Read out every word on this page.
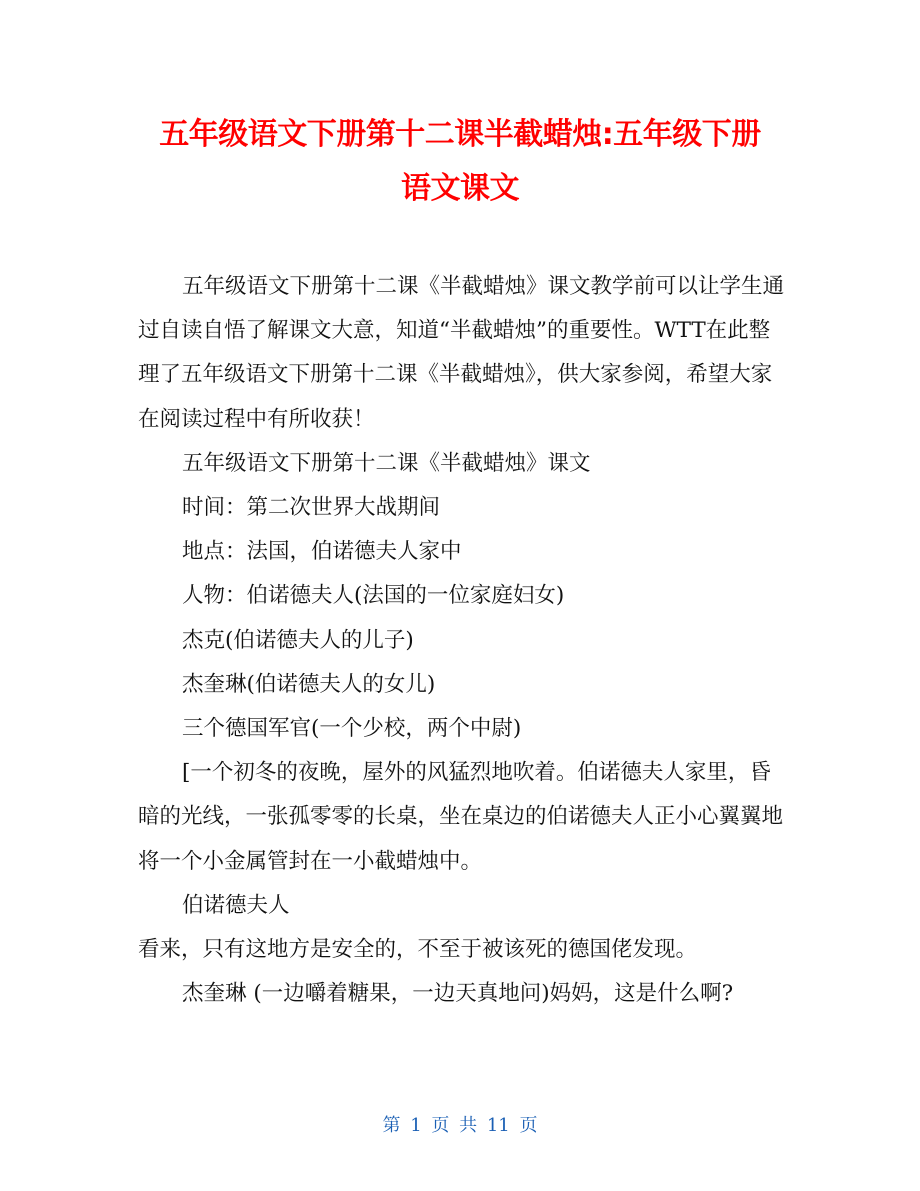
五年级语文下册第十二课半截蜡烛:五年级下册
语文课文

五年级语文下册第十二课《半截蜡烛》课文教学前可以让学生通过自读自悟了解课文大意，知道“半截蜡烛”的重要性。WTT在此整理了五年级语文下册第十二课《半截蜡烛》，供大家参阅，希望大家在阅读过程中有所收获！

五年级语文下册第十二课《半截蜡烛》课文

时间：第二次世界大战期间

地点：法国，伯诺德夫人家中

人物：伯诺德夫人(法国的一位家庭妇女)

杰克(伯诺德夫人的儿子)

杰奎琳(伯诺德夫人的女儿)

三个德国军官(一个少校，两个中尉)

[一个初冬的夜晚，屋外的风猛烈地吹着。伯诺德夫人家里，昏暗的光线，一张孤零零的长桌，坐在桌边的伯诺德夫人正小心翼翼地将一个小金属管封在一小截蜡烛中。

伯诺德夫人

看来，只有这地方是安全的，不至于被该死的德国佬发现。

杰奎琳 (一边嚼着糖果，一边天真地问)妈妈，这是什么啊?

第 1 页 共 11 页
